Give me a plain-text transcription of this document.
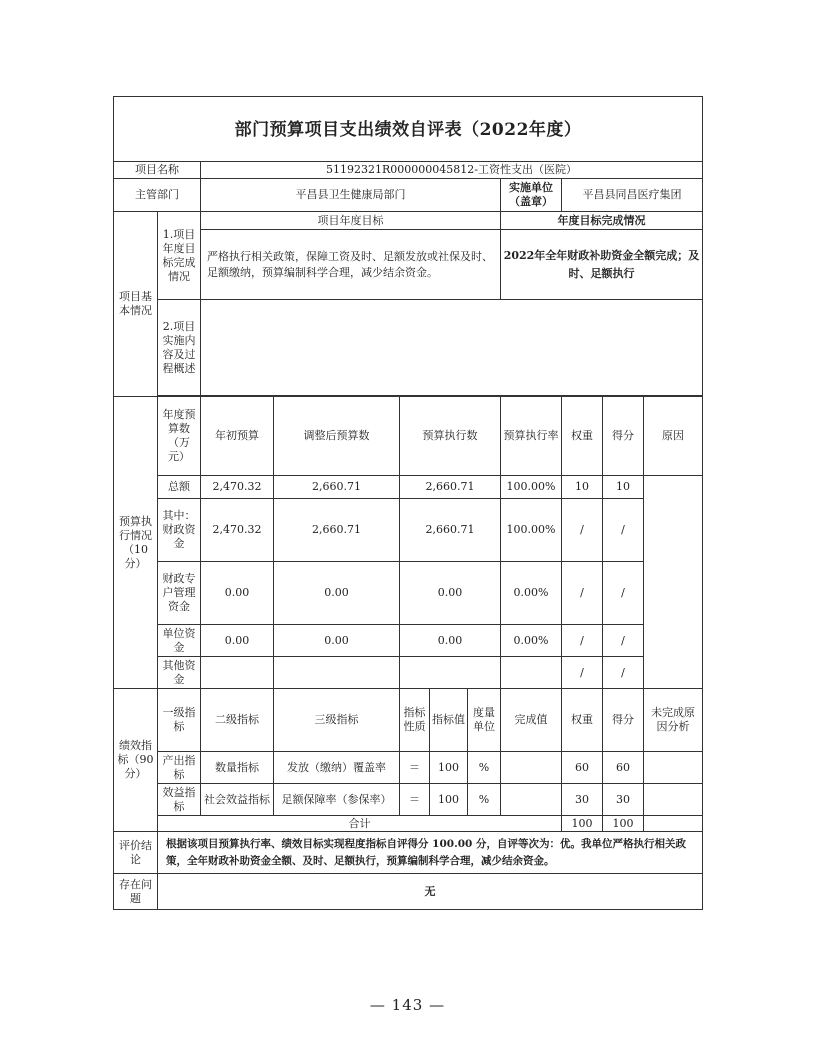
部门预算项目支出绩效自评表（2022年度）										
项目名称		51192321R000000045812-工资性支出（医院）								
主管部门		平昌县卫生健康局部门					实施单位
（盖章）	平昌县同昌医疗集团		
项目基本情况	1.项目年度目标完成情况	项目年度目标					年度目标完成情况			
		严格执行相关政策，保障工资及时、足额发放或社保及时、足额缴纳，预算编制科学合理，减少结余资金。					2022年全年财政补助资金全额完成；及时、足额执行			
	2.项目实施内容及过程概述									

预算执行情况（10分）	年度预算数（万元）	年初预算	调整后预算数	预算执行数			预算执行率	权重	得分	原因
	总额	2,470.32	2,660.71	2,660.71			100.00%	10	10	
	其中：财政资金	2,470.32	2,660.71	2,660.71			100.00%	/	/	
	财政专户管理资金	0.00	0.00	0.00			0.00%	/	/	
	单位资金	0.00	0.00	0.00			0.00%	/	/	
	其他资金							/	/	
绩效指标（90分）	一级指标	二级指标	三级指标	指标性质	指标值	度量单位	完成值	权重	得分	未完成原因分析
	产出指标	数量指标	发放（缴纳）覆盖率	＝	100	%		60	60	
	效益指标	社会效益指标	足额保障率（参保率）	＝	100	%		30	30	
	合计							100	100	
评价结论	根据该项目预算执行率、绩效目标实现程度指标自评得分 100.00 分，自评等次为：优。我单位严格执行相关政策，全年财政补助资金全额、及时、足额执行，预算编制科学合理，减少结余资金。									
存在问题	无									
— 143 —
